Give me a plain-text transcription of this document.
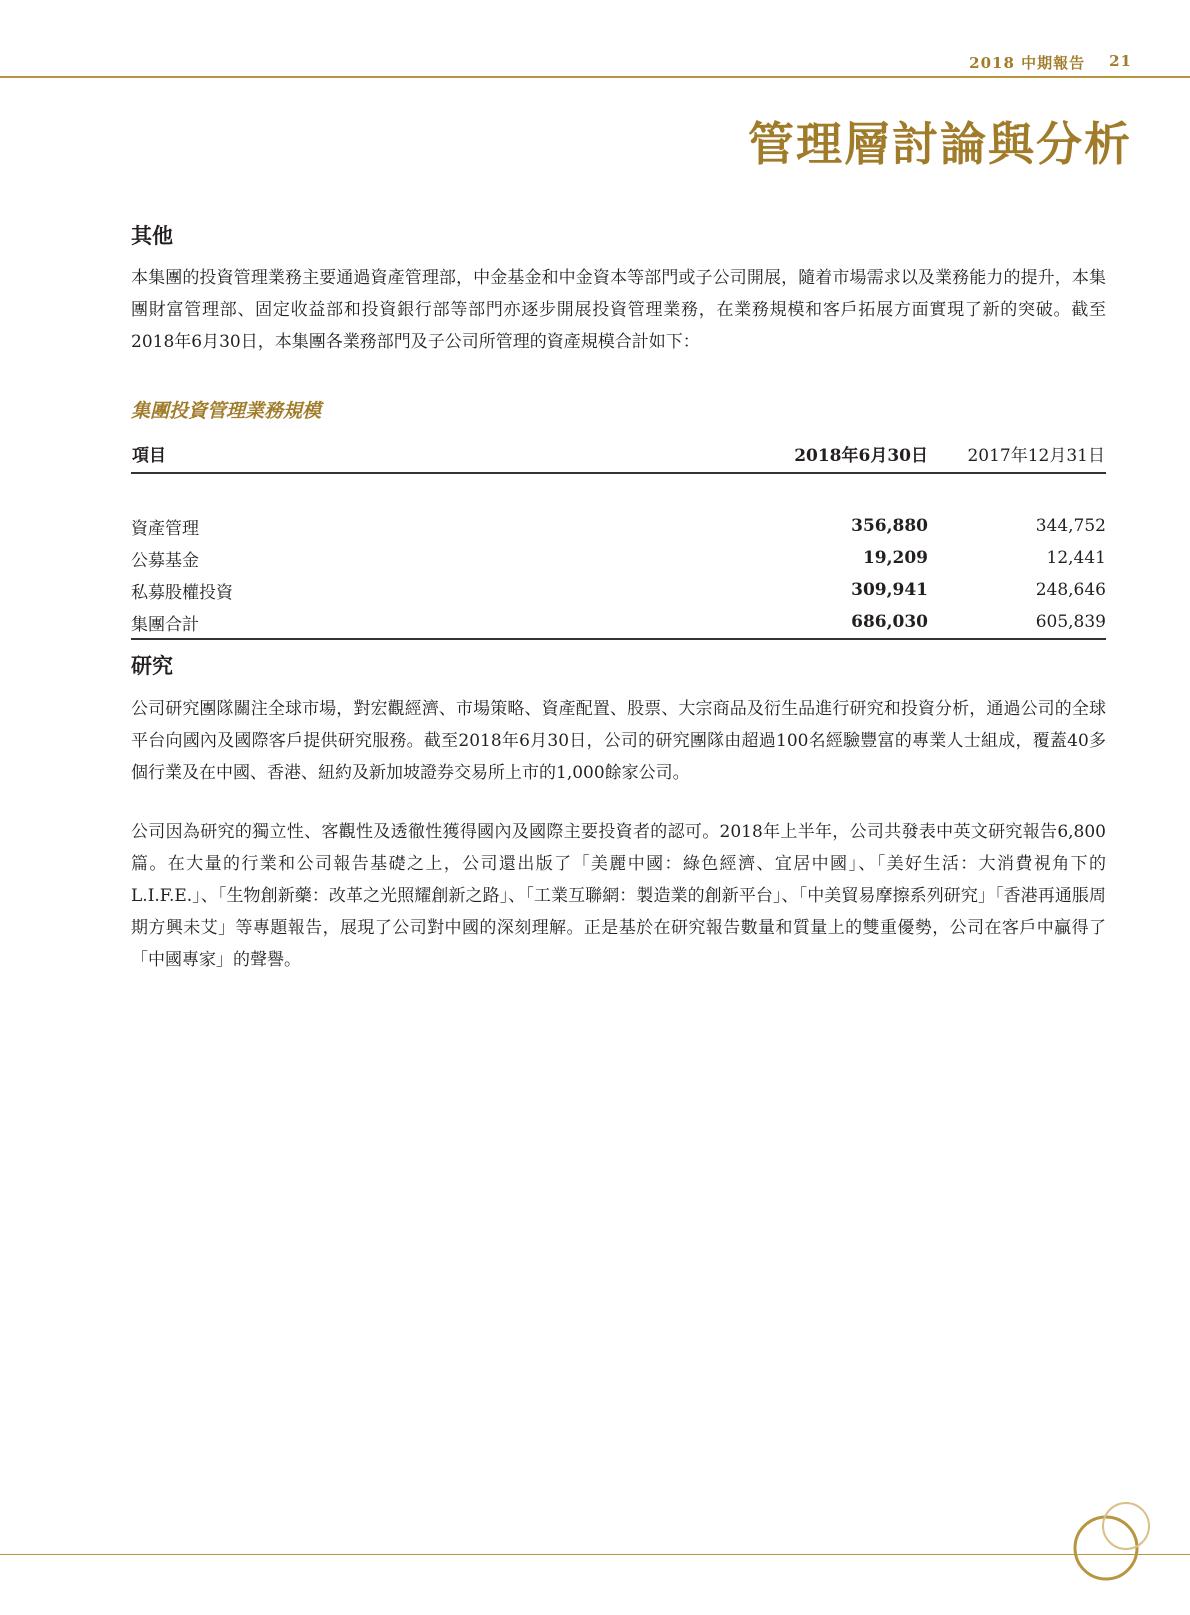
2018 中期報告 21
管理層討論與分析
其他

本集團的投資管理業務主要通過資產管理部，中金基金和中金資本等部門或子公司開展，隨着市場需求以及業務能力的提升，本集團財富管理部、固定收益部和投資銀行部等部門亦逐步開展投資管理業務，在業務規模和客戶拓展方面實現了新的突破。截至2018年6月30日，本集團各業務部門及子公司所管理的資產規模合計如下：

集團投資管理業務規模
項目	2018年6月30日	2017年12月31日

資產管理	356,880	344,752
公募基金	19,209	12,441
私募股權投資	309,941	248,646
集團合計	686,030	605,839
研究

公司研究團隊關注全球市場，對宏觀經濟、市場策略、資產配置、股票、大宗商品及衍生品進行研究和投資分析，通過公司的全球平台向國內及國際客戶提供研究服務。截至2018年6月30日，公司的研究團隊由超過100名經驗豐富的專業人士組成，覆蓋40多個行業及在中國、香港、紐約及新加坡證券交易所上市的1,000餘家公司。

公司因為研究的獨立性、客觀性及透徹性獲得國內及國際主要投資者的認可。2018年上半年，公司共發表中英文研究報告6,800篇。在大量的行業和公司報告基礎之上，公司還出版了「美麗中國：綠色經濟、宜居中國」、「美好生活：大消費視角下的L.I.F.E.」、「生物創新藥：改革之光照耀創新之路」、「工業互聯網：製造業的創新平台」、「中美貿易摩擦系列研究」「香港再通脹周期方興未艾」等專題報告，展現了公司對中國的深刻理解。正是基於在研究報告數量和質量上的雙重優勢，公司在客戶中贏得了「中國專家」的聲譽。
